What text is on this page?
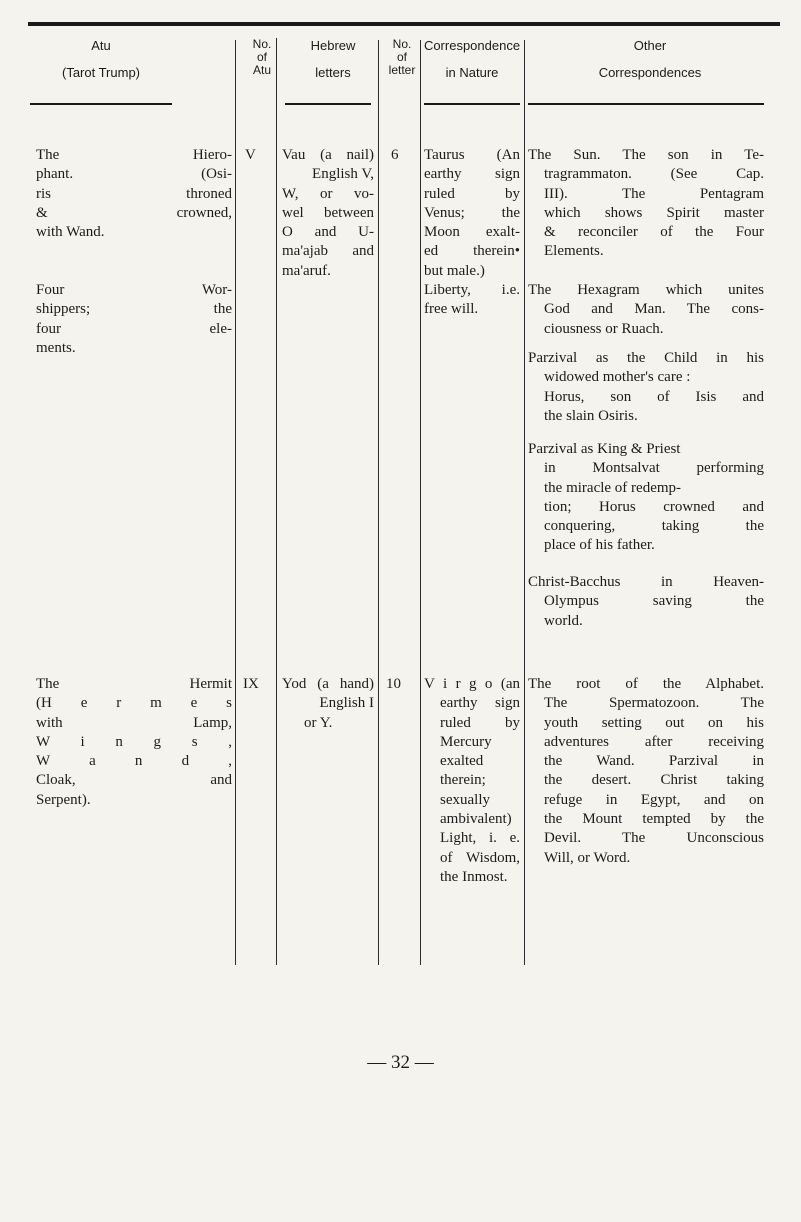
Atu
(Tarot Trump)
No.
of
Atu
Hebrew
letters
No.
of
letter
Correspondence
in Nature
Other
Correspondences
The Hiero-
phant. (Osi-
ris throned
& crowned,
with Wand.
Four Wor-
shippers; the
four ele-
ments.
V Vau (a nail)
English V,
W, or vo-
wel between
O and U-
ma'ajab and
ma'aruf.
6 Taurus (An
earthy sign
ruled by
Venus; the
Moon exalt-
ed therein•
but male.)
Liberty, i.e.
free will.
The Sun. The son in Te-
tragrammaton. (See Cap.
III). The Pentagram
which shows Spirit master
& reconciler of the Four
Elements.
The Hexagram which unites
God and Man. The cons-
ciousness or Ruach.
Parzival as the Child in his
widowed mother's care :
Horus, son of Isis and
the slain Osiris.
Parzival as King & Priest
in Montsalvat performing
the miracle of redemp-
tion; Horus crowned and
conquering, taking the
place of his father.
Christ-Bacchus in Heaven-
Olympus saving the
world.
The Hermit
(H e r m e s
with Lamp,
W i n g s ,
W a n d ,
Cloak, and
Serpent).
IX Yod (a hand)
English I
or Y.
10 V i r g o (an
earthy sign
ruled by
Mercury
exalted
therein;
sexually
ambivalent)
Light, i. e.
of Wisdom,
the Inmost.
The root of the Alphabet.
The Spermatozoon. The
youth setting out on his
adventures after receiving
the Wand. Parzival in
the desert. Christ taking
refuge in Egypt, and on
the Mount tempted by the
Devil. The Unconscious
Will, or Word.
— 32 —
